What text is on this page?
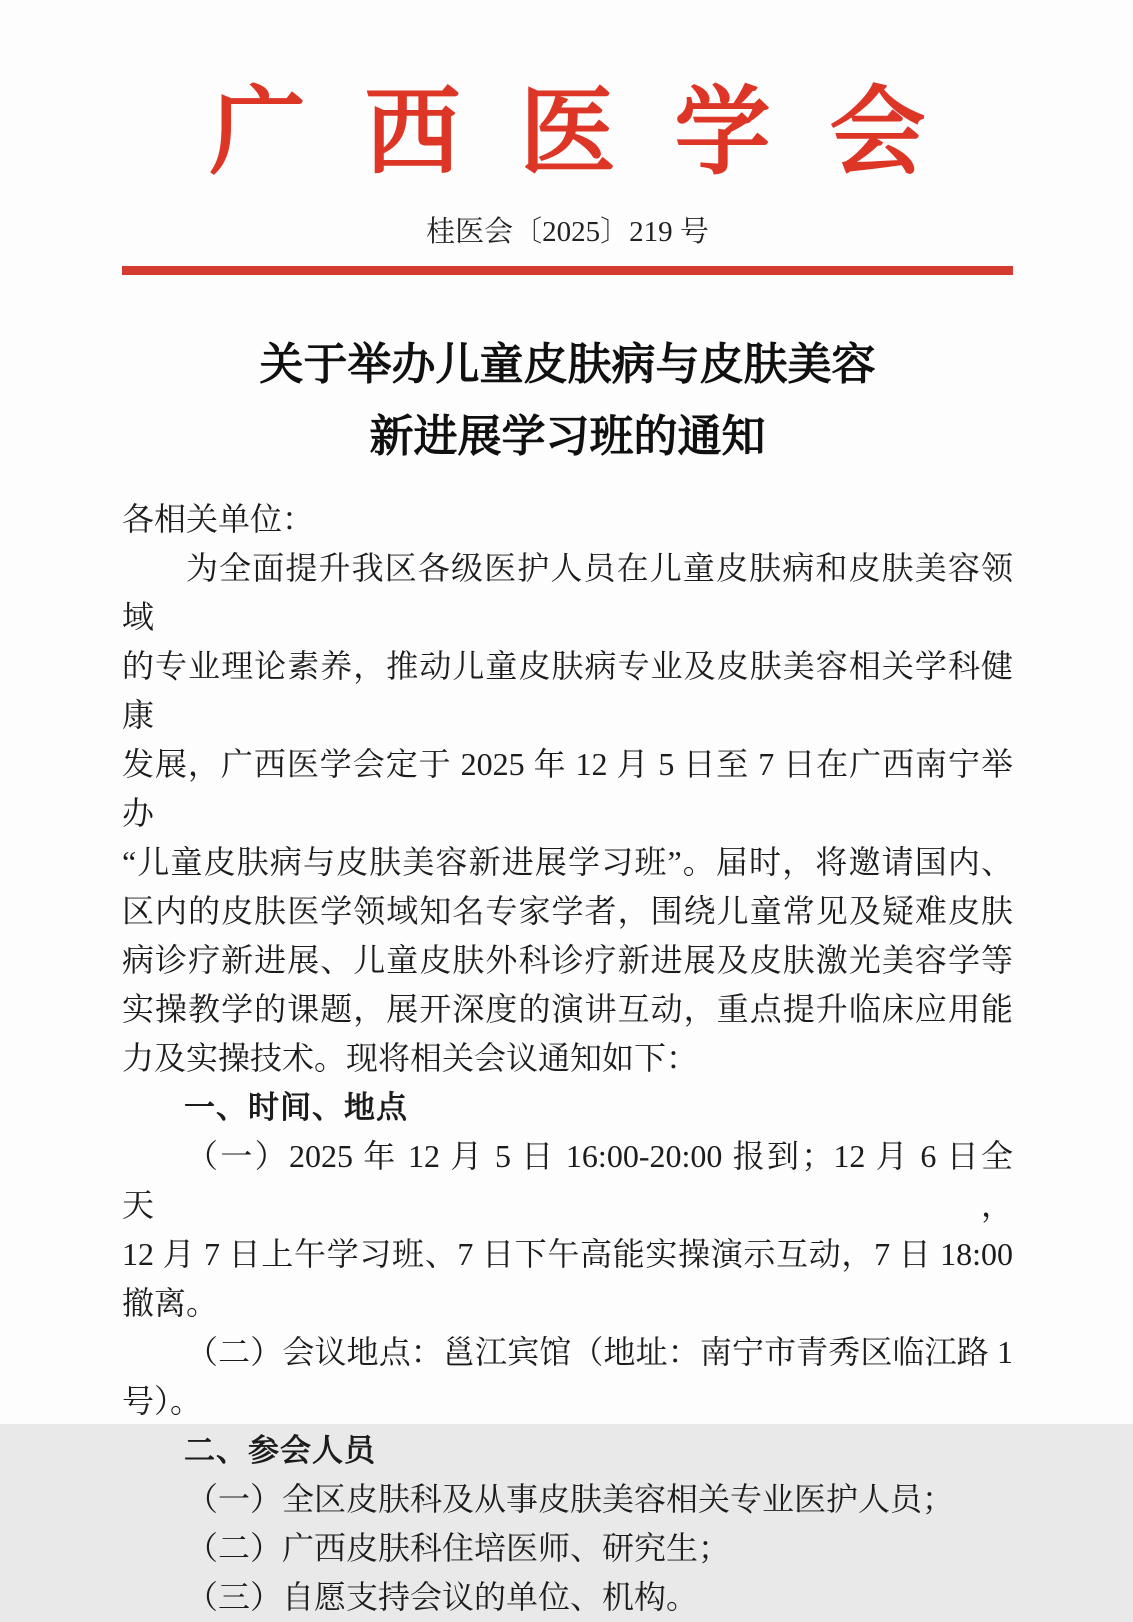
广西医学会
桂医会〔2025〕219 号
关于举办儿童皮肤病与皮肤美容
新进展学习班的通知
各相关单位：
为全面提升我区各级医护人员在儿童皮肤病和皮肤美容领域
的专业理论素养，推动儿童皮肤病专业及皮肤美容相关学科健康
发展，广西医学会定于 2025 年 12 月 5 日至 7 日在广西南宁举办
“儿童皮肤病与皮肤美容新进展学习班”。届时，将邀请国内、
区内的皮肤医学领域知名专家学者，围绕儿童常见及疑难皮肤
病诊疗新进展、儿童皮肤外科诊疗新进展及皮肤激光美容学等
实操教学的课题，展开深度的演讲互动，重点提升临床应用能
力及实操技术。现将相关会议通知如下：
一、时间、地点
（一）2025 年 12 月 5 日 16:00-20:00 报到；12 月 6 日全天，
12 月 7 日上午学习班、7 日下午高能实操演示互动，7 日 18:00
撤离。
（二）会议地点：邕江宾馆（地址：南宁市青秀区临江路 1
号）。
二、参会人员
（一）全区皮肤科及从事皮肤美容相关专业医护人员；
（二）广西皮肤科住培医师、研究生；
（三）自愿支持会议的单位、机构。
